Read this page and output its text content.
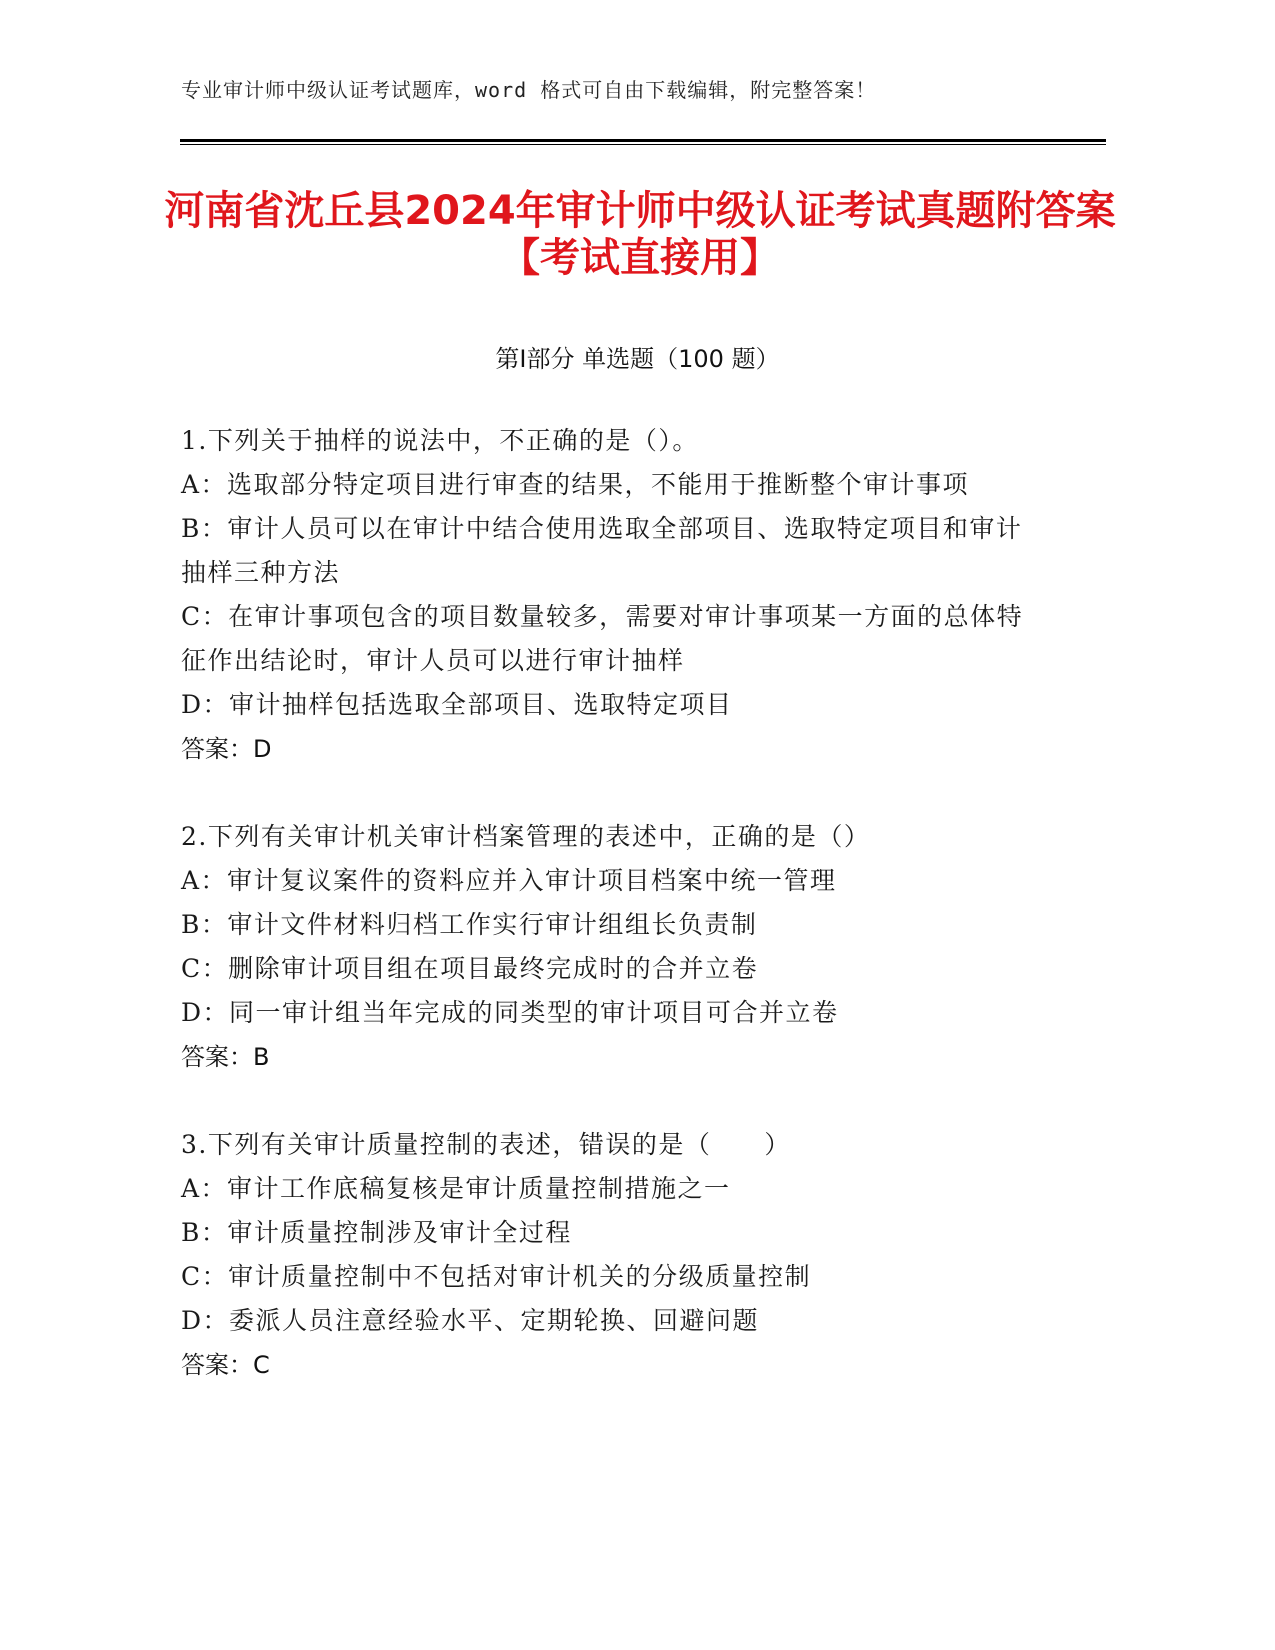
专业审计师中级认证考试题库，word 格式可自由下载编辑，附完整答案！
河南省沈丘县2024年审计师中级认证考试真题附答案【考试直接用】
第Ⅰ部分 单选题（100 题）
1.下列关于抽样的说法中，不正确的是（）。
A：选取部分特定项目进行审查的结果，不能用于推断整个审计事项
B：审计人员可以在审计中结合使用选取全部项目、选取特定项目和审计抽样三种方法
C：在审计事项包含的项目数量较多，需要对审计事项某一方面的总体特征作出结论时，审计人员可以进行审计抽样
D：审计抽样包括选取全部项目、选取特定项目
答案：D
2.下列有关审计机关审计档案管理的表述中，正确的是（）
A：审计复议案件的资料应并入审计项目档案中统一管理
B：审计文件材料归档工作实行审计组组长负责制
C：删除审计项目组在项目最终完成时的合并立卷
D：同一审计组当年完成的同类型的审计项目可合并立卷
答案：B
3.下列有关审计质量控制的表述，错误的是（　　）
A：审计工作底稿复核是审计质量控制措施之一
B：审计质量控制涉及审计全过程
C：审计质量控制中不包括对审计机关的分级质量控制
D：委派人员注意经验水平、定期轮换、回避问题
答案：C
